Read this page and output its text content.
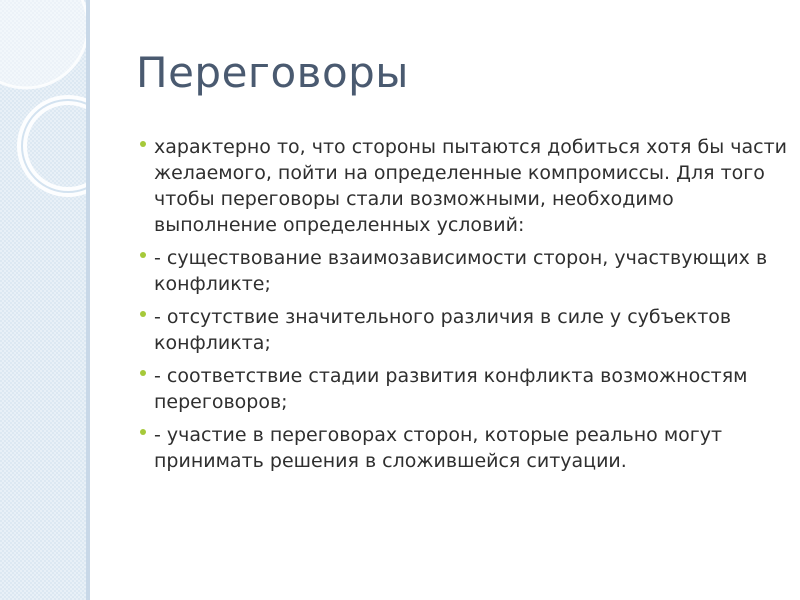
Переговоры
характерно то, что стороны пытаются добиться хотя бы части желаемого, пойти на определенные компромиссы. Для того чтобы переговоры стали возможными, необходимо выполнение определенных условий:
- существование взаимозависимости сторон, участвующих в конфликте;
- отсутствие значительного различия в силе у субъектов конфликта;
- соответствие стадии развития конфликта возможностям переговоров;
- участие в переговорах сторон, которые реально могут принимать решения в сложившейся ситуации.
